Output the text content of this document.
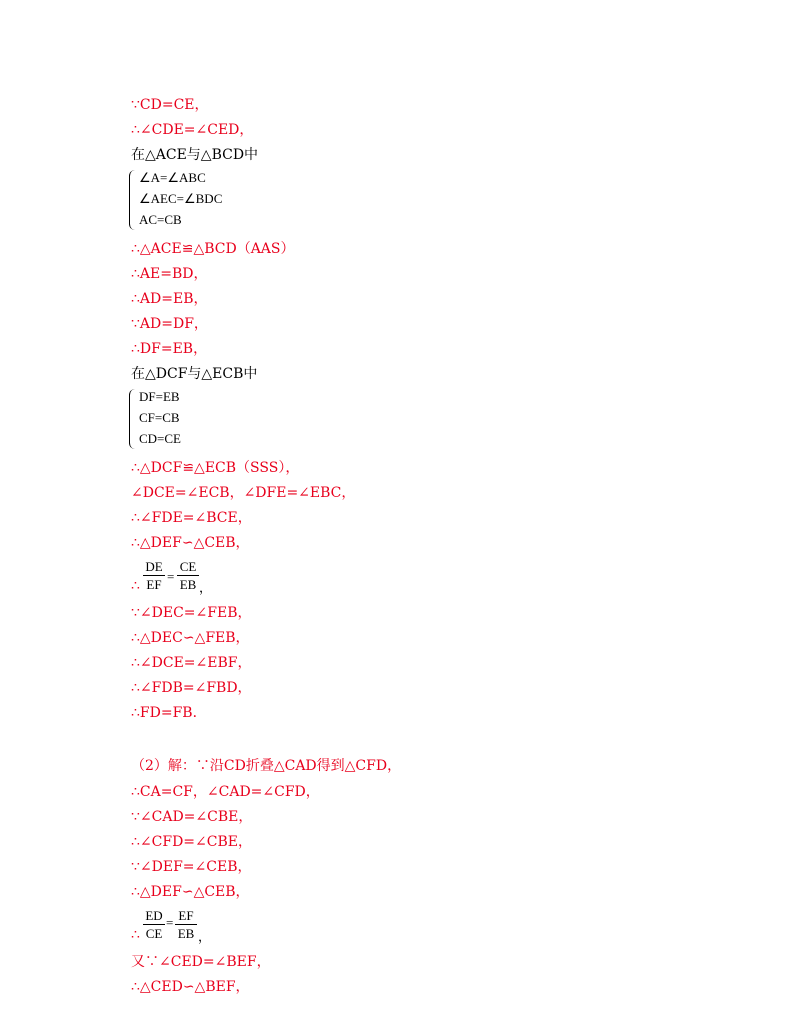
∠A=∠ABC
∠AEC=∠BDC
AC=CB
DF=EB
CF=CB
CD=CE
∴
DE
EF
=
CE
EB ，
∴
ED
CE
= EF
EB ，
∵CD=CE，
∴∠CDE=∠CED，
在△ACE与△BCD中
∴△ACE≌△BCD（AAS）
∴AE=BD，
∴AD=EB，
∵AD=DF，
∴DF=EB，
在△DCF与△ECB中
∴△DCF≌△ECB（SSS），
∠DCE=∠ECB，∠DFE=∠EBC，
∴∠FDE=∠BCE，
∴△DEF∽△CEB，
∵∠DEC=∠FEB，
∴△DEC∽△FEB，
∴∠DCE=∠EBF，
∴∠FDB=∠FBD，
∴FD=FB．
（2）解：∵沿CD折叠△CAD得到△CFD，
∴CA=CF，∠CAD=∠CFD，
∵∠CAD=∠CBE，
∴∠CFD=∠CBE，
∵∠DEF=∠CEB，
∴△DEF∽△CEB，
又∵∠CED=∠BEF，
∴△CED∽△BEF，
